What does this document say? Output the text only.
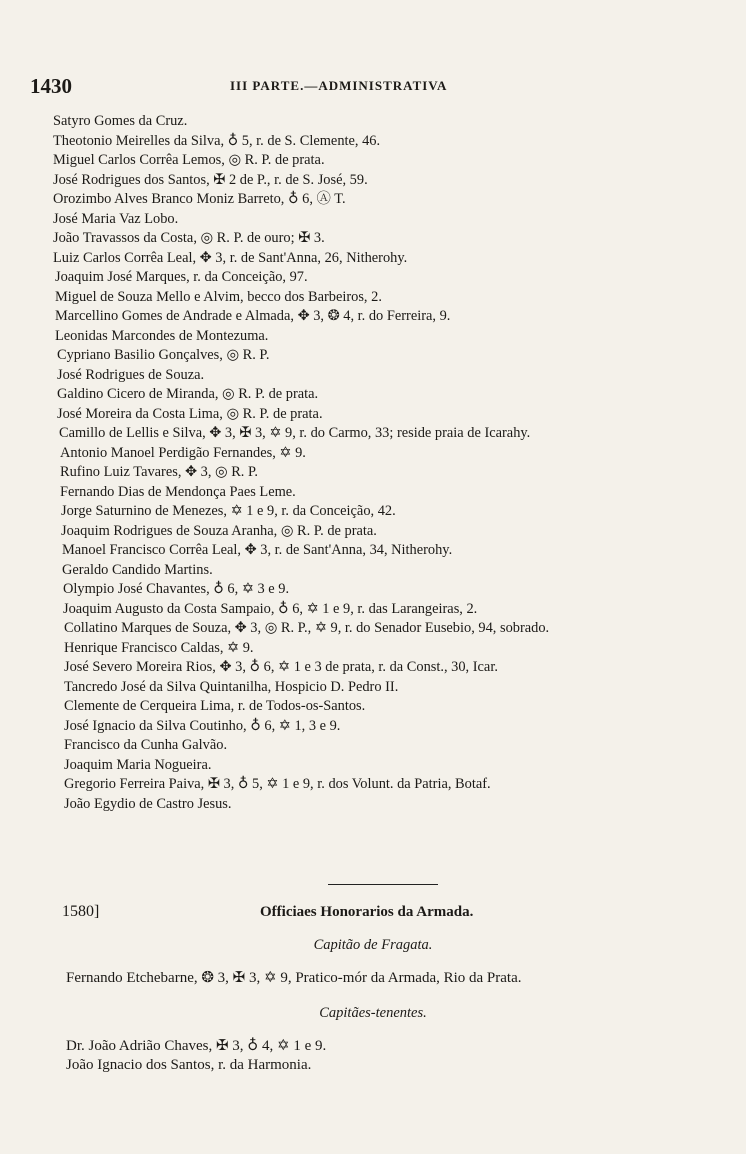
1430	III PARTE.—ADMINISTRATIVA
Satyro Gomes da Cruz.
Theotonio Meirelles da Silva, ♁ 5, r. de S. Clemente, 46.
Miguel Carlos Corrêa Lemos, ◎ R. P. de prata.
José Rodrigues dos Santos, ✠ 2 de P., r. de S. José, 59.
Orozimbo Alves Branco Moniz Barreto, ♁ 6, Ⓐ T.
José Maria Vaz Lobo.
João Travassos da Costa, ◎ R. P. de ouro; ✠ 3.
Luiz Carlos Corrêa Leal, ✥ 3, r. de Sant'Anna, 26, Nitherohy.
Joaquim José Marques, r. da Conceição, 97.
Miguel de Souza Mello e Alvim, becco dos Barbeiros, 2.
Marcellino Gomes de Andrade e Almada, ✥ 3, ❂ 4, r. do Ferreira, 9.
Leonidas Marcondes de Montezuma.
Cypriano Basilio Gonçalves, ◎ R. P.
José Rodrigues de Souza.
Galdino Cicero de Miranda, ◎ R. P. de prata.
José Moreira da Costa Lima, ◎ R. P. de prata.
Camillo de Lellis e Silva, ✥ 3, ✠ 3, ✡ 9, r. do Carmo, 33; reside praia de Icarahy.
Antonio Manoel Perdigão Fernandes, ✡ 9.
Rufino Luiz Tavares, ✥ 3, ◎ R. P.
Fernando Dias de Mendonça Paes Leme.
Jorge Saturnino de Menezes, ✡ 1 e 9, r. da Conceição, 42.
Joaquim Rodrigues de Souza Aranha, ◎ R. P. de prata.
Manoel Francisco Corrêa Leal, ✥ 3, r. de Sant'Anna, 34, Nitherohy.
Geraldo Candido Martins.
Olympio José Chavantes, ♁ 6, ✡ 3 e 9.
Joaquim Augusto da Costa Sampaio, ♁ 6, ✡ 1 e 9, r. das Larangeiras, 2.
Collatino Marques de Souza, ✥ 3, ◎ R. P., ✡ 9, r. do Senador Eusebio, 94, sobrado.
Henrique Francisco Caldas, ✡ 9.
José Severo Moreira Rios, ✥ 3, ♁ 6, ✡ 1 e 3 de prata, r. da Const., 30, Icar.
Tancredo José da Silva Quintanilha, Hospicio D. Pedro II.
Clemente de Cerqueira Lima, r. de Todos-os-Santos.
José Ignacio da Silva Coutinho, ♁ 6, ✡ 1, 3 e 9.
Francisco da Cunha Galvão.
Joaquim Maria Nogueira.
Gregorio Ferreira Paiva, ✠ 3, ♁ 5, ✡ 1 e 9, r. dos Volunt. da Patria, Botaf.
João Egydio de Castro Jesus.
1580]	Officiaes Honorarios da Armada.
Capitão de Fragata.
Fernando Etchebarne, ❂ 3, ✠ 3, ✡ 9, Pratico-mór da Armada, Rio da Prata.
Capitães-tenentes.
Dr. João Adrião Chaves, ✠ 3, ♁ 4, ✡ 1 e 9.
João Ignacio dos Santos, r. da Harmonia.
